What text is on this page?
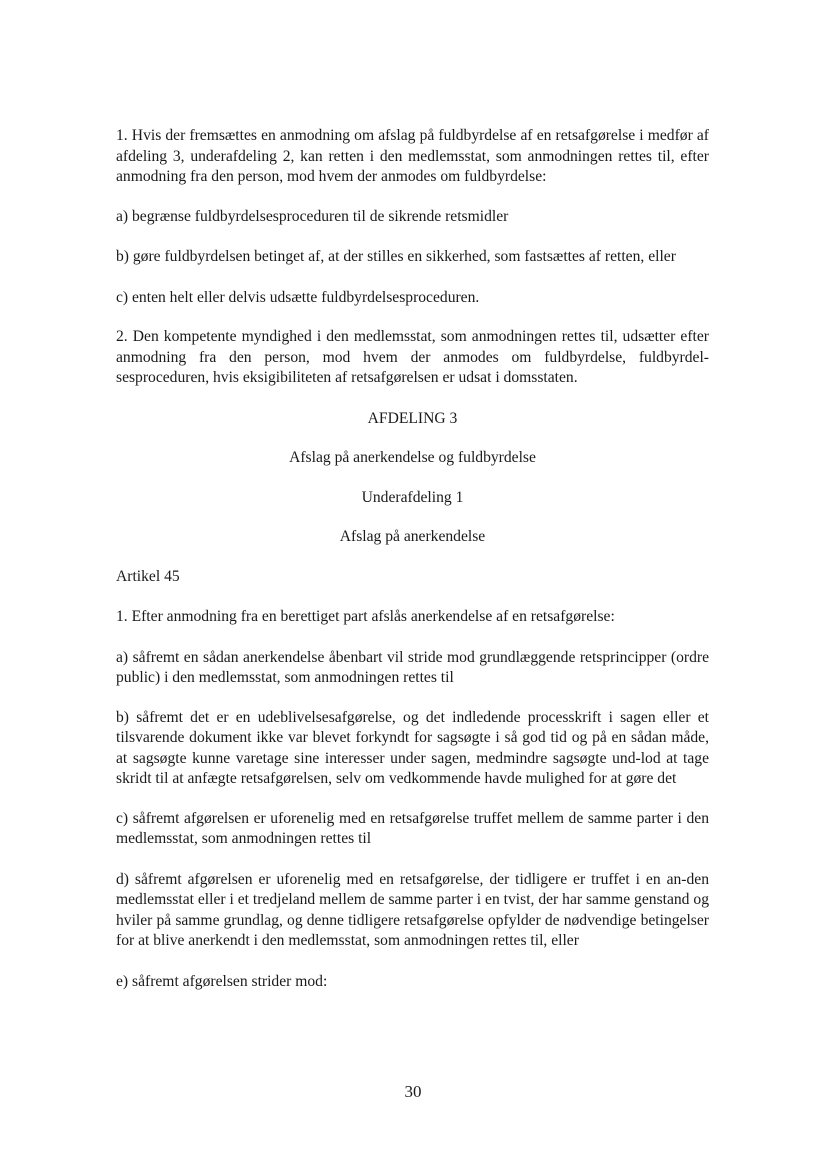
1. Hvis der fremsættes en anmodning om afslag på fuldbyrdelse af en retsafgørelse i medfør af afdeling 3, underafdeling 2, kan retten i den medlemsstat, som anmodningen rettes til, efter anmodning fra den person, mod hvem der anmodes om fuldbyrdelse:

a) begrænse fuldbyrdelsesproceduren til de sikrende retsmidler

b) gøre fuldbyrdelsen betinget af, at der stilles en sikkerhed, som fastsættes af retten, eller

c) enten helt eller delvis udsætte fuldbyrdelsesproceduren.

2. Den kompetente myndighed i den medlemsstat, som anmodningen rettes til, udsætter efter anmodning fra den person, mod hvem der anmodes om fuldbyrdelse, fuldbyrdel-sesproceduren, hvis eksigibiliteten af retsafgørelsen er udsat i domsstaten.

AFDELING 3

Afslag på anerkendelse og fuldbyrdelse

Underafdeling 1

Afslag på anerkendelse

Artikel 45

1. Efter anmodning fra en berettiget part afslås anerkendelse af en retsafgørelse:

a) såfremt en sådan anerkendelse åbenbart vil stride mod grundlæggende retsprincipper (ordre public) i den medlemsstat, som anmodningen rettes til

b) såfremt det er en udeblivelsesafgørelse, og det indledende processkrift i sagen eller et tilsvarende dokument ikke var blevet forkyndt for sagsøgte i så god tid og på en sådan måde, at sagsøgte kunne varetage sine interesser under sagen, medmindre sagsøgte und-lod at tage skridt til at anfægte retsafgørelsen, selv om vedkommende havde mulighed for at gøre det

c) såfremt afgørelsen er uforenelig med en retsafgørelse truffet mellem de samme parter i den medlemsstat, som anmodningen rettes til

d) såfremt afgørelsen er uforenelig med en retsafgørelse, der tidligere er truffet i en an-den medlemsstat eller i et tredjeland mellem de samme parter i en tvist, der har samme genstand og hviler på samme grundlag, og denne tidligere retsafgørelse opfylder de nødvendige betingelser for at blive anerkendt i den medlemsstat, som anmodningen rettes til, eller

e) såfremt afgørelsen strider mod:

30
